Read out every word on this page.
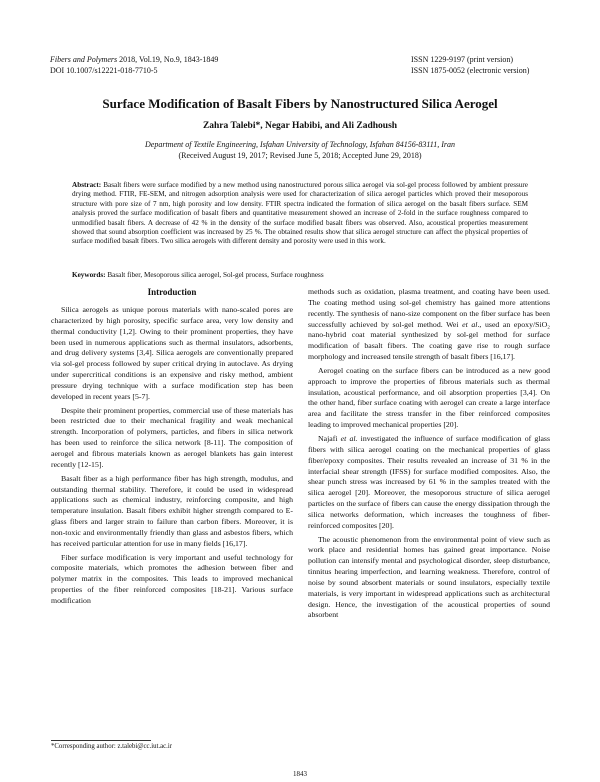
Fibers and Polymers 2018, Vol.19, No.9, 1843-1849
DOI 10.1007/s12221-018-7710-5
ISSN 1229-9197 (print version)
ISSN 1875-0052 (electronic version)
Surface Modification of Basalt Fibers by Nanostructured Silica Aerogel
Zahra Talebi*, Negar Habibi, and Ali Zadhoush
Department of Textile Engineering, Isfahan University of Technology, Isfahan 84156-83111, Iran
(Received August 19, 2017; Revised June 5, 2018; Accepted June 29, 2018)
Abstract: Basalt fibers were surface modified by a new method using nanostructured porous silica aerogel via sol-gel process followed by ambient pressure drying method. FTIR, FE-SEM, and nitrogen adsorption analysis were used for characterization of silica aerogel particles which proved their mesoporous structure with pore size of 7 nm, high porosity and low density. FTIR spectra indicated the formation of silica aerogel on the basalt fibers surface. SEM analysis proved the surface modification of basalt fibers and quantitative measurement showed an increase of 2-fold in the surface roughness compared to unmodified basalt fibers. A decrease of 42 % in the density of the surface modified basalt fibers was observed. Also, acoustical properties measurement showed that sound absorption coefficient was increased by 25 %. The obtained results show that silica aerogel structure can affect the physical properties of surface modified basalt fibers. Two silica aerogels with different density and porosity were used in this work.
Keywords: Basalt fiber, Mesoporous silica aerogel, Sol-gel process, Surface roughness
Introduction

Silica aerogels as unique porous materials with nano-scaled pores are characterized by high porosity, specific surface area, very low density and thermal conductivity [1,2]. Owing to their prominent properties, they have been used in numerous applications such as thermal insulators, adsorbents, and drug delivery systems [3,4]. Silica aerogels are conventionally prepared via sol-gel process followed by super critical drying in autoclave. As drying under supercritical conditions is an expensive and risky method, ambient pressure drying technique with a surface modification step has been developed in recent years [5-7].

Despite their prominent properties, commercial use of these materials has been restricted due to their mechanical fragility and weak mechanical strength. Incorporation of polymers, particles, and fibers in silica network has been used to reinforce the silica network [8-11]. The composition of aerogel and fibrous materials known as aerogel blankets has gain interest recently [12-15].

Basalt fiber as a high performance fiber has high strength, modulus, and outstanding thermal stability. Therefore, it could be used in widespread applications such as chemical industry, reinforcing composite, and high temperature insulation. Basalt fibers exhibit higher strength compared to E-glass fibers and larger strain to failure than carbon fibers. Moreover, it is non-toxic and environmentally friendly than glass and asbestos fibers, which has received particular attention for use in many fields [16,17].

Fiber surface modification is very important and useful technology for composite materials, which promotes the adhesion between fiber and polymer matrix in the composites. This leads to improved mechanical properties of the fiber reinforced composites [18-21]. Various surface modification

methods such as oxidation, plasma treatment, and coating have been used. The coating method using sol-gel chemistry has gained more attentions recently. The synthesis of nano-size component on the fiber surface has been successfully achieved by sol-gel method. Wei et al., used an epoxy/SiO₂ nano-hybrid coat material synthesized by sol-gel method for surface modification of basalt fibers. The coating gave rise to rough surface morphology and increased tensile strength of basalt fibers [16,17].

Aerogel coating on the surface fibers can be introduced as a new good approach to improve the properties of fibrous materials such as thermal insulation, acoustical performance, and oil absorption properties [3,4]. On the other hand, fiber surface coating with aerogel can create a large interface area and facilitate the stress transfer in the fiber reinforced composites leading to improved mechanical properties [20].

Najafi et al. investigated the influence of surface modification of glass fibers with silica aerogel coating on the mechanical properties of glass fiber/epoxy composites. Their results revealed an increase of 31 % in the interfacial shear strength (IFSS) for surface modified composites. Also, the shear punch stress was increased by 61 % in the samples treated with the silica aerogel [20]. Moreover, the mesoporous structure of silica aerogel particles on the surface of fibers can cause the energy dissipation through the silica networks deformation, which increases the toughness of fiber-reinforced composites [20].

The acoustic phenomenon from the environmental point of view such as work place and residential homes has gained great importance. Noise pollution can intensify mental and psychological disorder, sleep disturbance, tinnitus hearing imperfection, and learning weakness. Therefore, control of noise by sound absorbent materials or sound insulators, especially textile materials, is very important in widespread applications such as architectural design. Hence, the investigation of the acoustical properties of sound absorbent

*Corresponding author: z.talebi@cc.iut.ac.ir
1843
